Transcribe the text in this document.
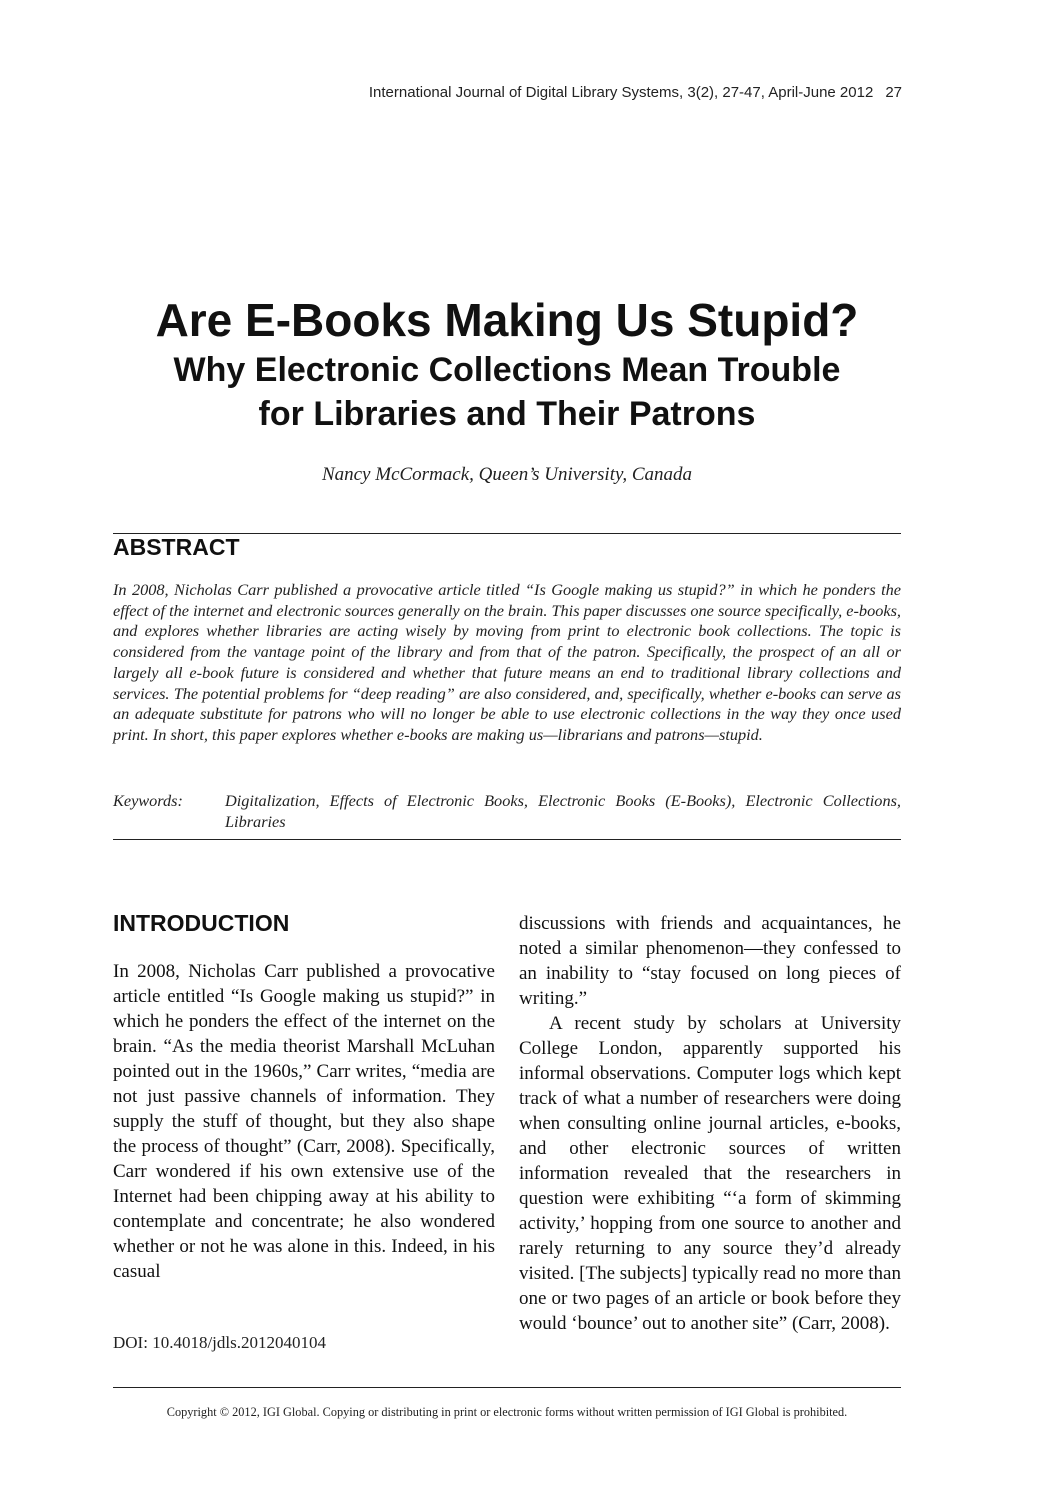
International Journal of Digital Library Systems, 3(2), 27-47, April-June 2012 27

Are E-Books Making Us Stupid?

Why Electronic Collections Mean Trouble

for Libraries and Their Patrons

Nancy McCormack, Queen’s University, Canada
ABSTRACT

In 2008, Nicholas Carr published a provocative article titled “Is Google making us stupid?” in which he ponders the effect of the internet and electronic sources generally on the brain. This paper discusses one source specifically, e-books, and explores whether libraries are acting wisely by moving from print to electronic book collections. The topic is considered from the vantage point of the library and from that of the patron. Specifically, the prospect of an all or largely all e-book future is considered and whether that future means an end to traditional library collections and services. The potential problems for “deep reading” are also considered, and, specifically, whether e-books can serve as an adequate substitute for patrons who will no longer be able to use electronic collections in the way they once used print. In short, this paper explores whether e-books are making us—librarians and patrons—stupid.

Keywords:	Digitalization, Effects of Electronic Books, Electronic Books (E-Books), Electronic Collections, Libraries
INTRODUCTION

In 2008, Nicholas Carr published a provocative article entitled “Is Google making us stupid?” in which he ponders the effect of the internet on the brain. “As the media theorist Marshall McLuhan pointed out in the 1960s,” Carr writes, “media are not just passive channels of information. They supply the stuff of thought, but they also shape the process of thought” (Carr, 2008). Specifically, Carr wondered if his own extensive use of the Internet had been chipping away at his ability to contemplate and concentrate; he also wondered whether or not he was alone in this. Indeed, in his casual

discussions with friends and acquaintances, he noted a similar phenomenon—they confessed to an inability to “stay focused on long pieces of writing.”

A recent study by scholars at University College London, apparently supported his informal observations. Computer logs which kept track of what a number of researchers were doing when consulting online journal articles, e-books, and other electronic sources of written information revealed that the researchers in question were exhibiting “‘a form of skimming activity,’ hopping from one source to another and rarely returning to any source they’d already visited. [The subjects] typically read no more than one or two pages of an article or book before they would ‘bounce’ out to another site” (Carr, 2008).

DOI: 10.4018/jdls.2012040104
Copyright © 2012, IGI Global. Copying or distributing in print or electronic forms without written permission of IGI Global is prohibited.
